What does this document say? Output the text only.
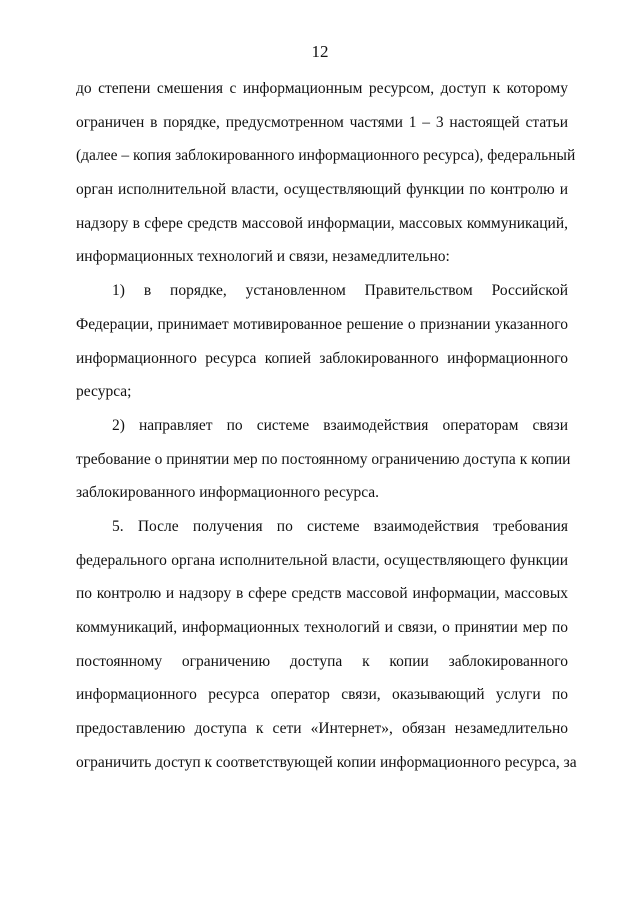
12
до степени смешения с информационным ресурсом, доступ к которому
ограничен в порядке, предусмотренном частями 1 – 3 настоящей статьи
(далее – копия заблокированного информационного ресурса), федеральный
орган исполнительной власти, осуществляющий функции по контролю и
надзору в сфере средств массовой информации, массовых коммуникаций,
информационных технологий и связи, незамедлительно:
1) в порядке, установленном Правительством Российской
Федерации, принимает мотивированное решение о признании указанного
информационного ресурса копией заблокированного информационного
ресурса;
2) направляет по системе взаимодействия операторам связи
требование о принятии мер по постоянному ограничению доступа к копии
заблокированного информационного ресурса.
5. После получения по системе взаимодействия требования
федерального органа исполнительной власти, осуществляющего функции
по контролю и надзору в сфере средств массовой информации, массовых
коммуникаций, информационных технологий и связи, о принятии мер по
постоянному ограничению доступа к копии заблокированного
информационного ресурса оператор связи, оказывающий услуги по
предоставлению доступа к сети «Интернет», обязан незамедлительно
ограничить доступ к соответствующей копии информационного ресурса, за
